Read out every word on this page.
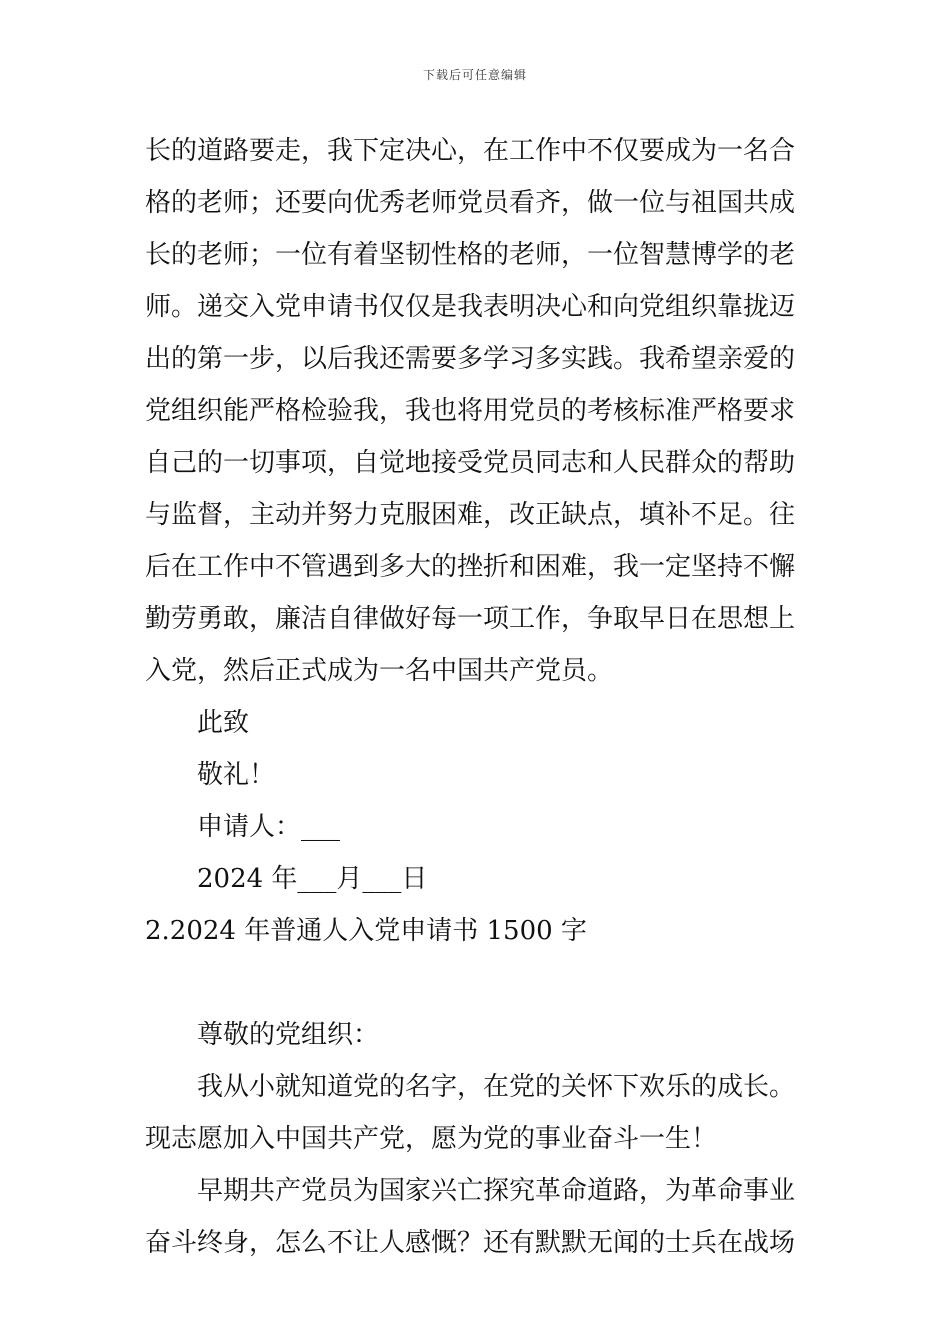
下载后可任意编辑
长的道路要走，我下定决心，在工作中不仅要成为一名合
格的老师；还要向优秀老师党员看齐，做一位与祖国共成
长的老师；一位有着坚韧性格的老师，一位智慧博学的老
师。递交入党申请书仅仅是我表明决心和向党组织靠拢迈
出的第一步，以后我还需要多学习多实践。我希望亲爱的
党组织能严格检验我，我也将用党员的考核标准严格要求
自己的一切事项，自觉地接受党员同志和人民群众的帮助
与监督，主动并努力克服困难，改正缺点，填补不足。往
后在工作中不管遇到多大的挫折和困难，我一定坚持不懈
勤劳勇敢，廉洁自律做好每一项工作，争取早日在思想上
入党，然后正式成为一名中国共产党员。
此致
敬礼！
申请人：___
2024 年___月___日
2.2024 年普通人入党申请书 1500 字
尊敬的党组织：
我从小就知道党的名字，在党的关怀下欢乐的成长。
现志愿加入中国共产党，愿为党的事业奋斗一生！
早期共产党员为国家兴亡探究革命道路，为革命事业
奋斗终身，怎么不让人感慨？还有默默无闻的士兵在战场
